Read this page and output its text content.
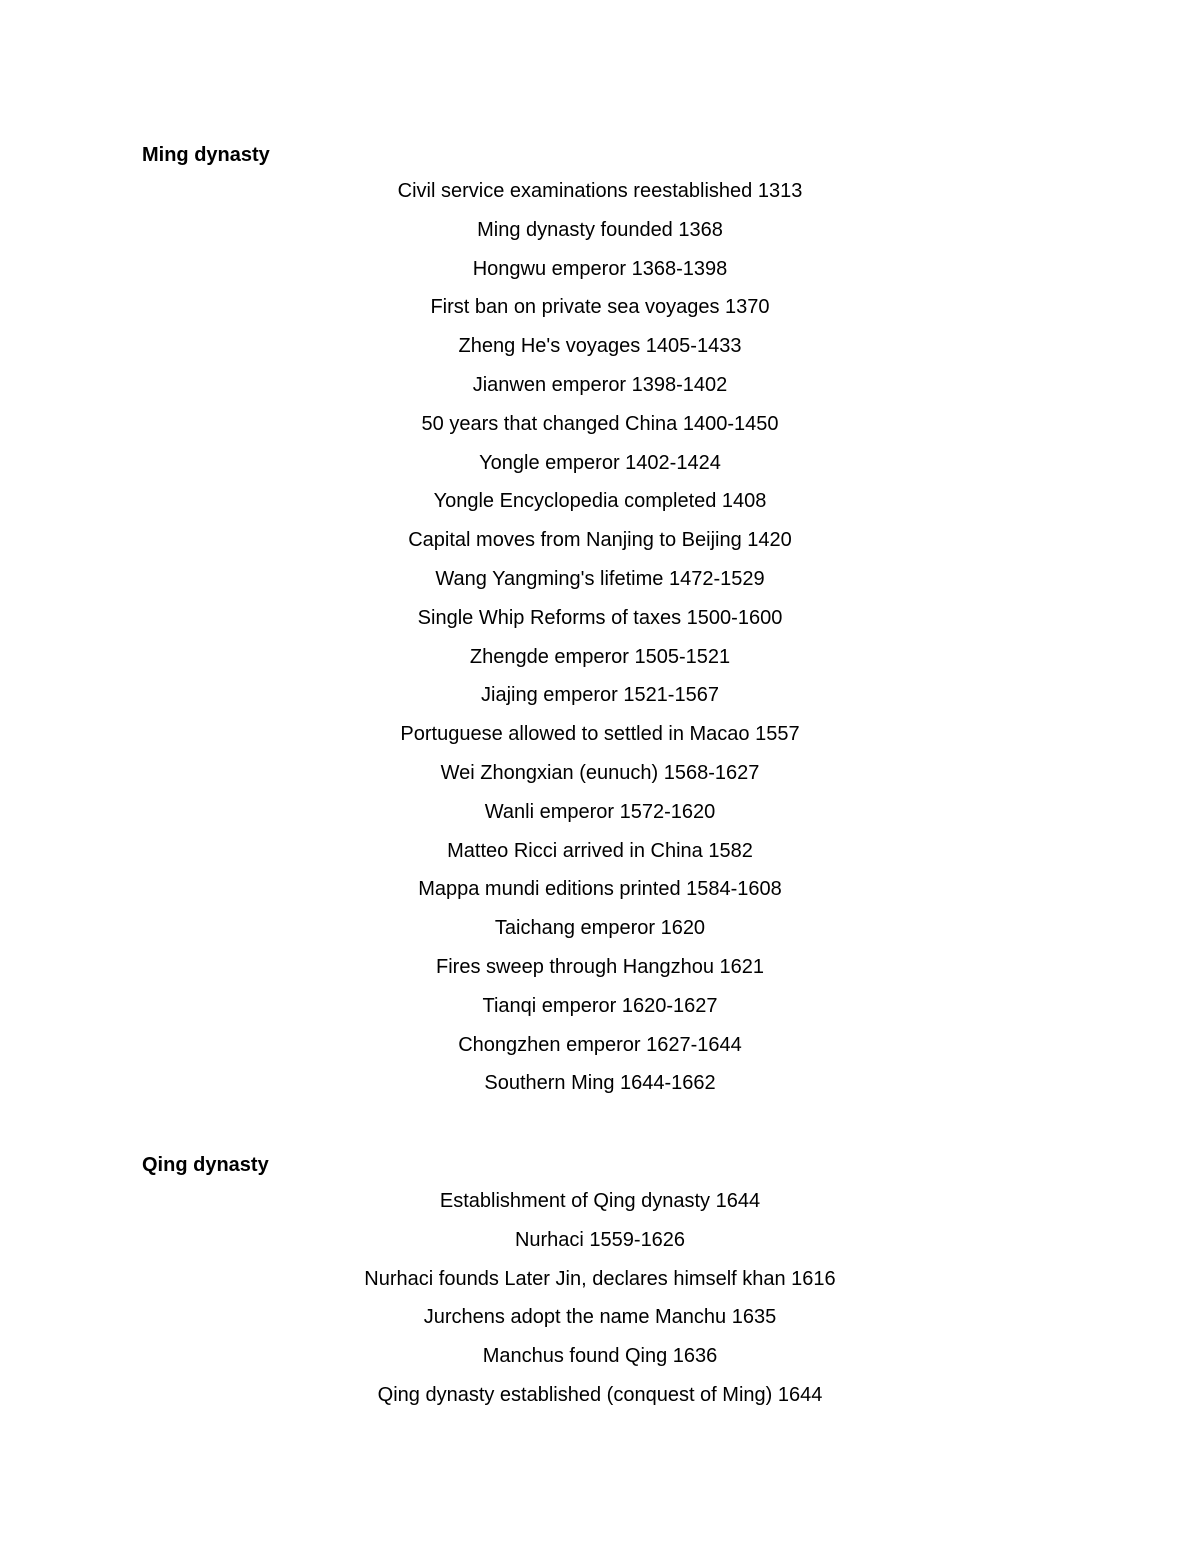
Ming dynasty
Civil service examinations reestablished 1313
Ming dynasty founded 1368
Hongwu emperor 1368-1398
First ban on private sea voyages 1370
Zheng He's voyages 1405-1433
Jianwen emperor 1398-1402
50 years that changed China 1400-1450
Yongle emperor 1402-1424
Yongle Encyclopedia completed 1408
Capital moves from Nanjing to Beijing 1420
Wang Yangming's lifetime 1472-1529
Single Whip Reforms of taxes 1500-1600
Zhengde emperor 1505-1521
Jiajing emperor 1521-1567
Portuguese allowed to settled in Macao 1557
Wei Zhongxian (eunuch) 1568-1627
Wanli emperor 1572-1620
Matteo Ricci arrived in China 1582
Mappa mundi editions printed 1584-1608
Taichang emperor 1620
Fires sweep through Hangzhou 1621
Tianqi emperor 1620-1627
Chongzhen emperor 1627-1644
Southern Ming 1644-1662
Qing dynasty
Establishment of Qing dynasty 1644
Nurhaci 1559-1626
Nurhaci founds Later Jin, declares himself khan 1616
Jurchens adopt the name Manchu 1635
Manchus found Qing 1636
Qing dynasty established (conquest of Ming) 1644
